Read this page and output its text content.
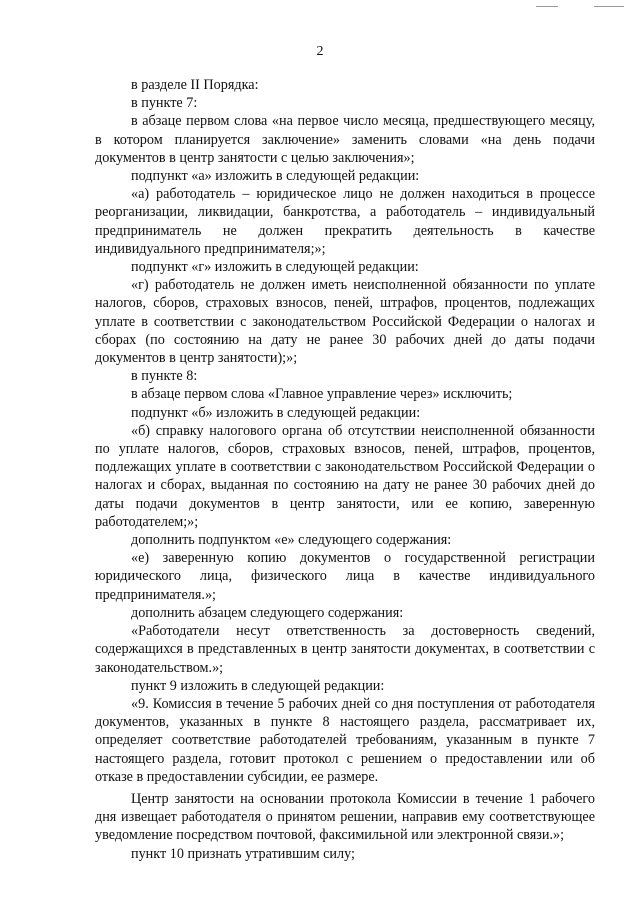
2

в разделе II Порядка:

в пункте 7:

в абзаце первом слова «на первое число месяца, предшествующего месяцу, в котором планируется заключение» заменить словами «на день подачи документов в центр занятости с целью заключения»;

подпункт «а» изложить в следующей редакции:

«а) работодатель – юридическое лицо не должен находиться в процессе реорганизации, ликвидации, банкротства, а работодатель – индивидуальный предприниматель не должен прекратить деятельность в качестве индивидуального предпринимателя;»;

подпункт «г» изложить в следующей редакции:

«г) работодатель не должен иметь неисполненной обязанности по уплате налогов, сборов, страховых взносов, пеней, штрафов, процентов, подлежащих уплате в соответствии с законодательством Российской Федерации о налогах и сборах (по состоянию на дату не ранее 30 рабочих дней до даты подачи документов в центр занятости);»;

в пункте 8:

в абзаце первом слова «Главное управление через» исключить;

подпункт «б» изложить в следующей редакции:

«б) справку налогового органа об отсутствии неисполненной обязанности по уплате налогов, сборов, страховых взносов, пеней, штрафов, процентов, подлежащих уплате в соответствии с законодательством Российской Федерации о налогах и сборах, выданная по состоянию на дату не ранее 30 рабочих дней до даты подачи документов в центр занятости, или ее копию, заверенную работодателем;»;

дополнить подпунктом «е» следующего содержания:

«е) заверенную копию документов о государственной регистрации юридического лица, физического лица в качестве индивидуального предпринимателя.»;

дополнить абзацем следующего содержания:

«Работодатели несут ответственность за достоверность сведений, содержащихся в представленных в центр занятости документах, в соответствии с законодательством.»;

пункт 9 изложить в следующей редакции:

«9. Комиссия в течение 5 рабочих дней со дня поступления от работодателя документов, указанных в пункте 8 настоящего раздела, рассматривает их, определяет соответствие работодателей требованиям, указанным в пункте 7 настоящего раздела, готовит протокол с решением о предоставлении или об отказе в предоставлении субсидии, ее размере.

Центр занятости на основании протокола Комиссии в течение 1 рабочего дня извещает работодателя о принятом решении, направив ему соответствующее уведомление посредством почтовой, факсимильной или электронной связи.»;

пункт 10 признать утратившим силу;
